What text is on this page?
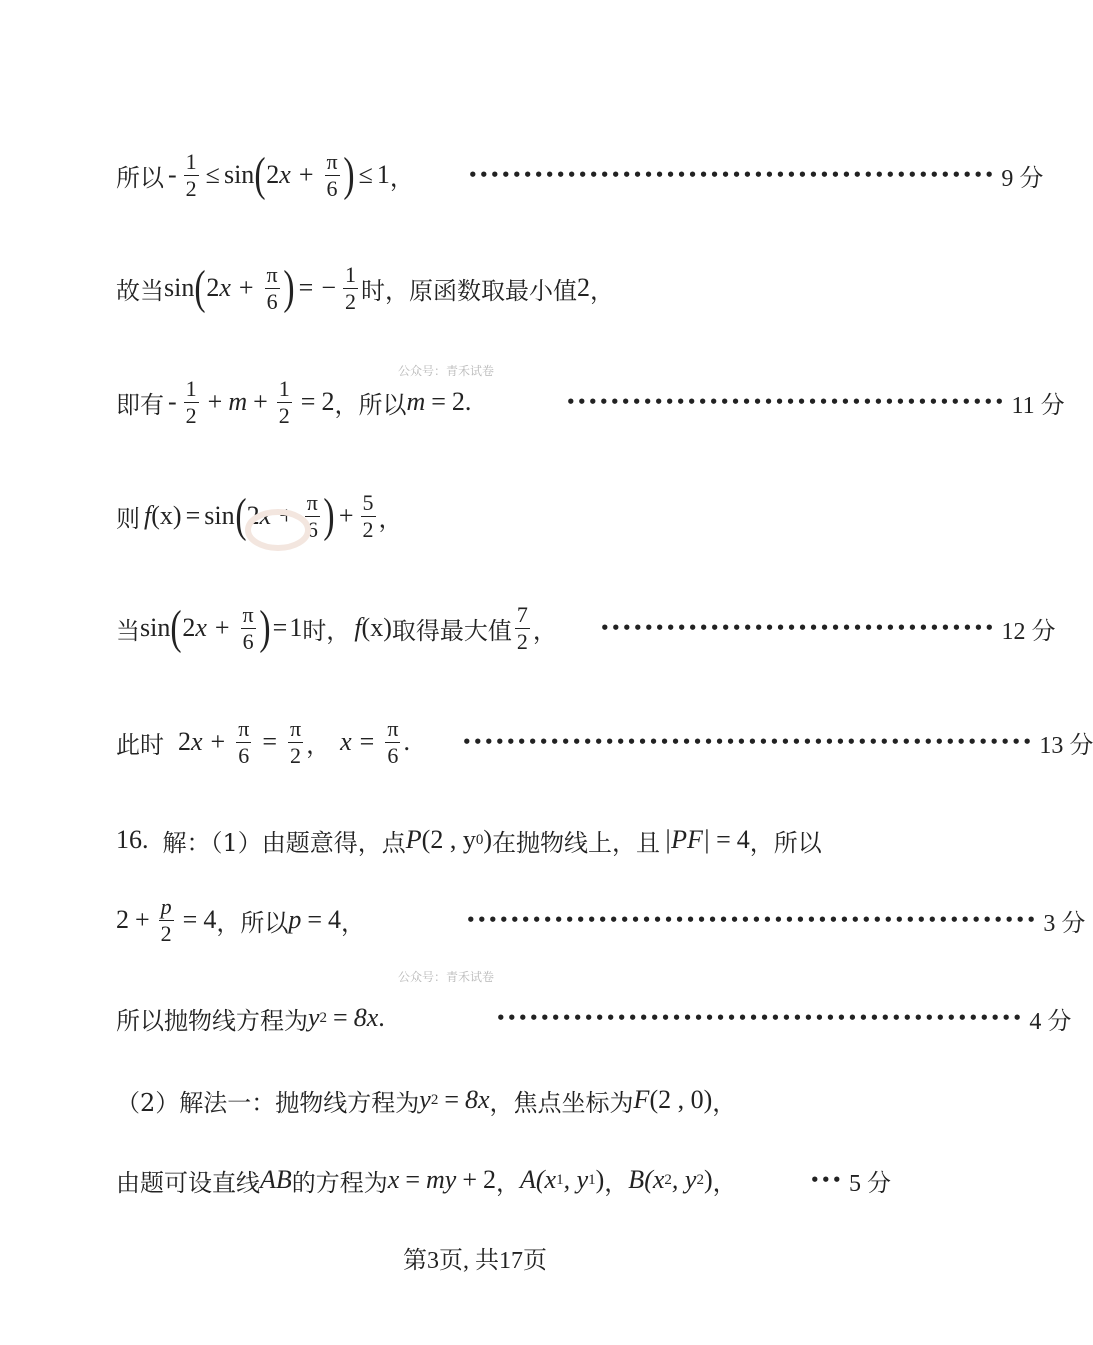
所以 - $\frac{1}{2} \le \sin$ ( 2 $x + \frac{\pi}{6}$ ) ≤ 1 ，	•••••••••••••••••••••••••••••••••••••••••••••••• 9 分
故当 sin ( 2 $x + \frac{\pi}{6}$ ) = − $\frac{1}{2}$ 时，原函数取最小值 2 ，
公众号：青禾试卷
即有 - $\frac{1}{2} + m + \frac{1}{2} = 2$ ，所以 m = 2 .	•••••••••••••••••••••••••••••••••••••••• 11 分
则 f (x) = sin ( 2 $x + \frac{\pi}{6}$ ) + $\frac{5}{2}$ ，
当 sin ( 2 $x + \frac{\pi}{6}$ ) = 1 时， f (x) 取得最大值 $\frac{7}{2}$ ，	•••••••••••••••••••••••••••••••••••• 12 分
此时 2 $x + \frac{\pi}{6} = \frac{\pi}{2}$ ， $x = \frac{\pi}{6}$ .	•••••••••••••••••••••••••••••••••••••••••••••••••••• 13 分
16. 解：（1）由题意得，点 P (2 , y 0 ) 在抛物线上，且 |PF| = 4 ，所以
$2 + \frac{p}{2} = 4$ ，所以 p = 4 ，	•••••••••••••••••••••••••••••••••••••••••••••••••••• 3 分
公众号：青禾试卷
所以抛物线方程为 y 2 = 8x .	•••••••••••••••••••••••••••••••••••••••••••••••• 4 分
（2）解法一：抛物线方程为 y 2 = 8x ，焦点坐标为 F (2 , 0) ，
由题可设直线 AB 的方程为 x = my + 2 ， A (x 1 , y 1 ) ， B (x 2 , y 2 ) ，	••• 5 分
第3页, 共17页
